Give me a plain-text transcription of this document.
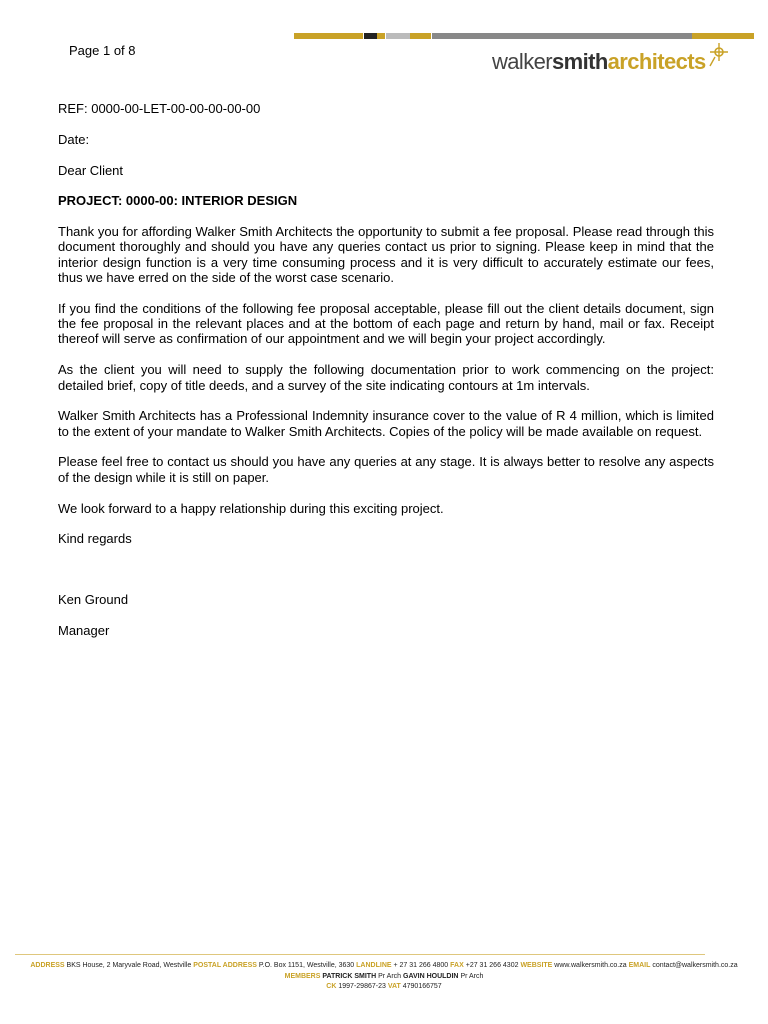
Page 1 of 8	walkersmitharchitects

REF: 0000-00-LET-00-00-00-00-00

Date:

Dear Client

PROJECT: 0000-00: INTERIOR DESIGN

Thank you for affording Walker Smith Architects the opportunity to submit a fee proposal. Please read through this document thoroughly and should you have any queries contact us prior to signing. Please keep in mind that the interior design function is a very time consuming process and it is very difficult to accurately estimate our fees, thus we have erred on the side of the worst case scenario.

If you find the conditions of the following fee proposal acceptable, please fill out the client details document, sign the fee proposal in the relevant places and at the bottom of each page and return by hand, mail or fax. Receipt thereof will serve as confirmation of our appointment and we will begin your project accordingly.

As the client you will need to supply the following documentation prior to work commencing on the project: detailed brief, copy of title deeds, and a survey of the site indicating contours at 1m intervals.

Walker Smith Architects has a Professional Indemnity insurance cover to the value of R 4 million, which is limited to the extent of your mandate to Walker Smith Architects. Copies of the policy will be made available on request.

Please feel free to contact us should you have any queries at any stage. It is always better to resolve any aspects of the design while it is still on paper.

We look forward to a happy relationship during this exciting project.

Kind regards

Ken Ground

Manager

ADDRESS BKS House, 2 Maryvale Road, Westville POSTAL ADDRESS P.O. Box 1151, Westville, 3630 LANDLINE + 27 31 266 4800 FAX +27 31 266 4302 WEBSITE www.walkersmith.co.za EMAIL contact@walkersmith.co.za
MEMBERS PATRICK SMITH Pr Arch GAVIN HOULDIN Pr Arch
CK 1997-29867-23 VAT 4790166757
